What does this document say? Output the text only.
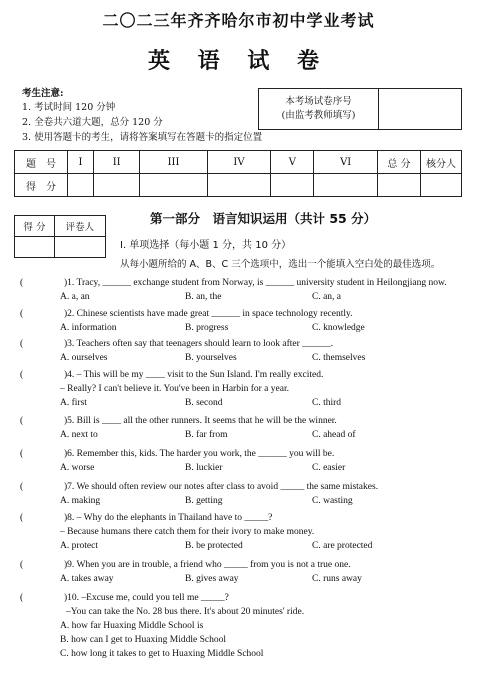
二〇二三年齐齐哈尔市初中学业考试
英 语 试 卷
考生注意:
1. 考试时间 120 分钟
2. 全卷共六道大题，总分 120 分
3. 使用答题卡的考生，请将答案填写在答题卡的指定位置
本考场试卷序号
(由监考教师填写)
题　号	I	II	III	IV	V	VI	总 分	核分人
得　分								
得 分	评卷人

第一部分　语言知识运用（共计 55 分）
I. 单项选择（每小题 1 分，共 10 分）
从每小题所给的 A、B、C 三个选项中，选出一个能填入空白处的最佳选项。
(	)1. Tracy, ______ exchange student from Norway, is ______ university student in Heilongjiang now.
A. a, an	B. an, the	C. an, a
(	)2. Chinese scientists have made great ______ in space technology recently.
A. information	B. progress	C. knowledge
(	)3. Teachers often say that teenagers should learn to look after ______.
A. ourselves	B. yourselves	C. themselves
(	)4. – This will be my ____ visit to the Sun Island. I'm really excited.
– Really? I can't believe it. You've been in Harbin for a year.
A. first	B. second	C. third
(	)5. Bill is ____ all the other runners. It seems that he will be the winner.
A. next to	B. far from	C. ahead of
(	)6. Remember this, kids. The harder you work, the ______ you will be.
A. worse	B. luckier	C. easier
(	)7. We should often review our notes after class to avoid _____ the same mistakes.
A. making	B. getting	C. wasting
(	)8. – Why do the elephants in Thailand have to _____?
– Because humans there catch them for their ivory to make money.
A. protect	B. be protected	C. are protected
(	)9. When you are in trouble, a friend who _____ from you is not a true one.
A. takes away	B. gives away	C. runs away
(	)10. –Excuse me, could you tell me _____?
–You can take the No. 28 bus there. It's about 20 minutes' ride.
A. how far Huaxing Middle School is
B. how can I get to Huaxing Middle School
C. how long it takes to get to Huaxing Middle School
